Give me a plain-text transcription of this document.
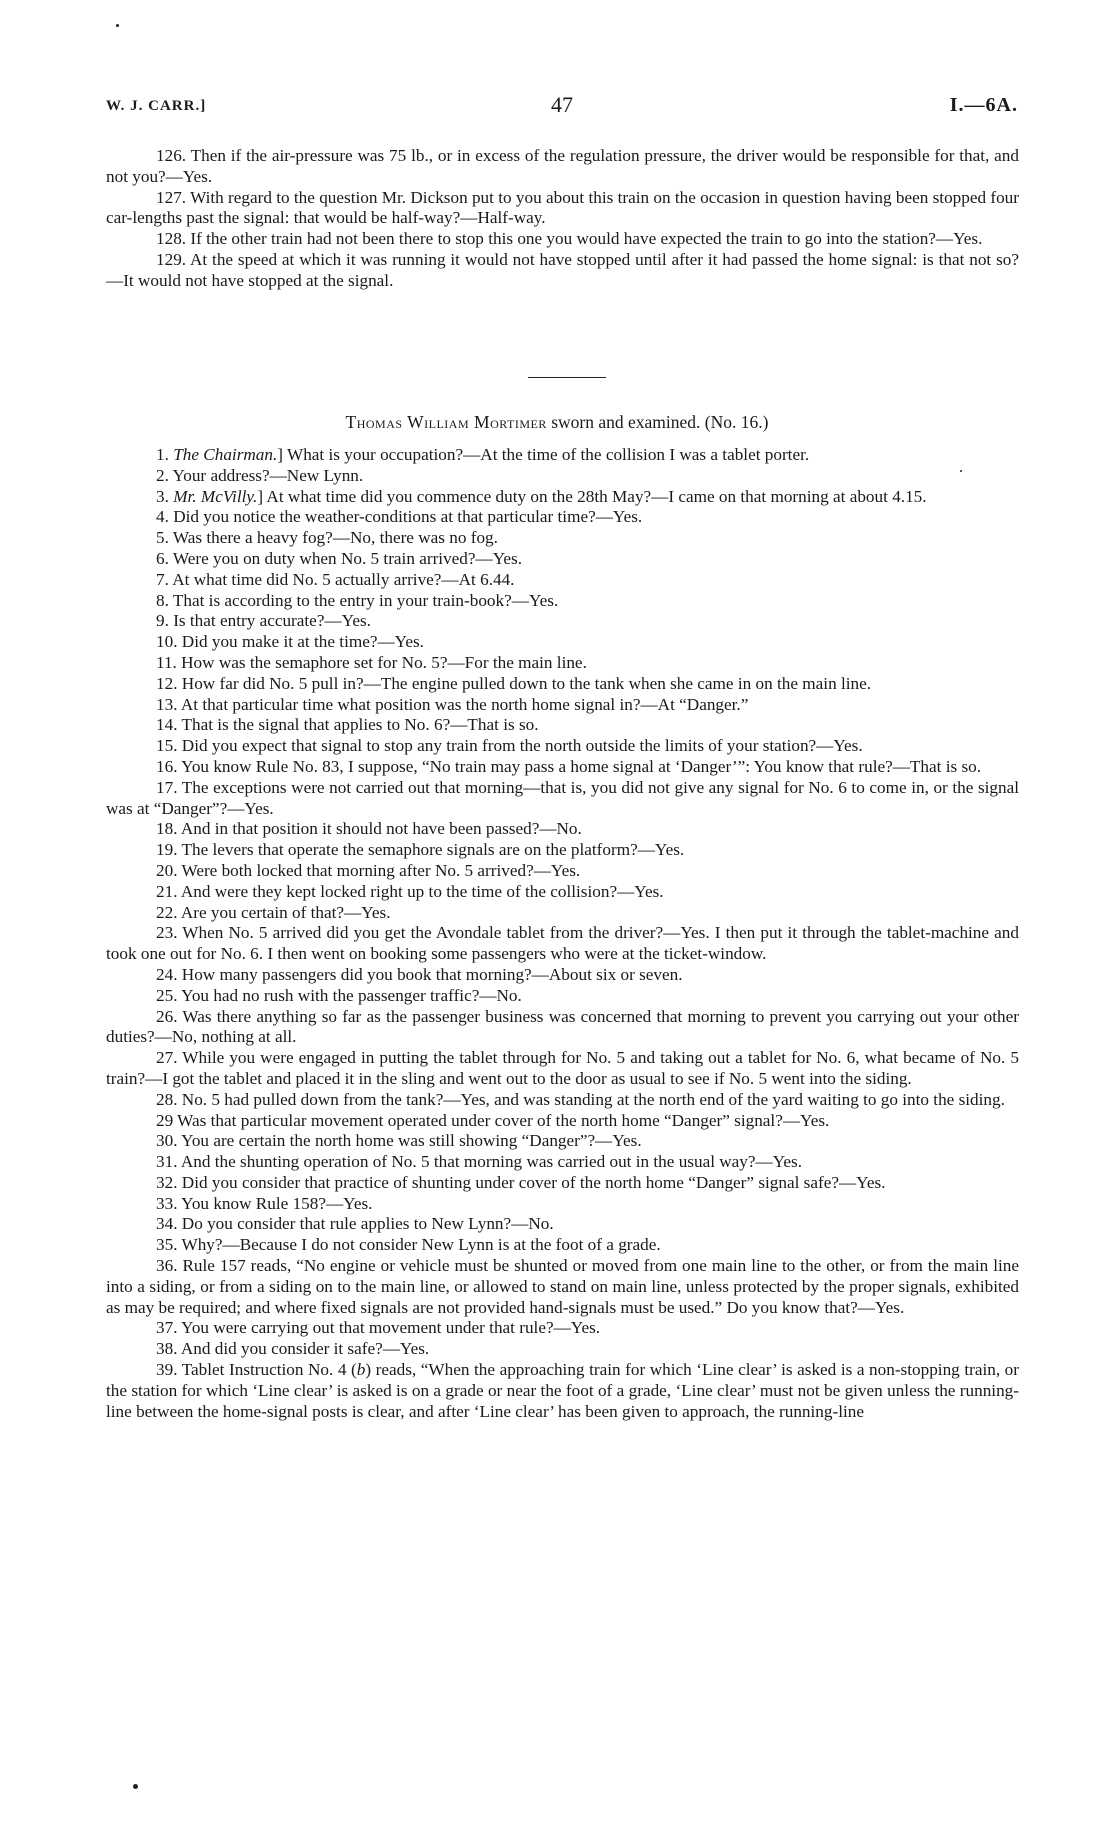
W. J. CARR.]	47	I.—6A.

126. Then if the air-pressure was 75 lb., or in excess of the regulation pressure, the driver would be responsible for that, and not you?—Yes.

127. With regard to the question Mr. Dickson put to you about this train on the occasion in question having been stopped four car-lengths past the signal: that would be half-way?—Half-way.

128. If the other train had not been there to stop this one you would have expected the train to go into the station?—Yes.

129. At the speed at which it was running it would not have stopped until after it had passed the home signal: is that not so?—It would not have stopped at the signal.

Thomas William Mortimer sworn and examined. (No. 16.)

1. The Chairman.] What is your occupation?—At the time of the collision I was a tablet porter.

2. Your address?—New Lynn.

3. Mr. McVilly.] At what time did you commence duty on the 28th May?—I came on that morning at about 4.15.

4. Did you notice the weather-conditions at that particular time?—Yes.

5. Was there a heavy fog?—No, there was no fog.

6. Were you on duty when No. 5 train arrived?—Yes.

7. At what time did No. 5 actually arrive?—At 6.44.

8. That is according to the entry in your train-book?—Yes.

9. Is that entry accurate?—Yes.

10. Did you make it at the time?—Yes.

11. How was the semaphore set for No. 5?—For the main line.

12. How far did No. 5 pull in?—The engine pulled down to the tank when she came in on the main line.

13. At that particular time what position was the north home signal in?—At “Danger.”

14. That is the signal that applies to No. 6?—That is so.

15. Did you expect that signal to stop any train from the north outside the limits of your station?—Yes.

16. You know Rule No. 83, I suppose, “No train may pass a home signal at ‘Danger’”: You know that rule?—That is so.

17. The exceptions were not carried out that morning—that is, you did not give any signal for No. 6 to come in, or the signal was at “Danger”?—Yes.

18. And in that position it should not have been passed?—No.

19. The levers that operate the semaphore signals are on the platform?—Yes.

20. Were both locked that morning after No. 5 arrived?—Yes.

21. And were they kept locked right up to the time of the collision?—Yes.

22. Are you certain of that?—Yes.

23. When No. 5 arrived did you get the Avondale tablet from the driver?—Yes. I then put it through the tablet-machine and took one out for No. 6. I then went on booking some passengers who were at the ticket-window.

24. How many passengers did you book that morning?—About six or seven.

25. You had no rush with the passenger traffic?—No.

26. Was there anything so far as the passenger business was concerned that morning to prevent you carrying out your other duties?—No, nothing at all.

27. While you were engaged in putting the tablet through for No. 5 and taking out a tablet for No. 6, what became of No. 5 train?—I got the tablet and placed it in the sling and went out to the door as usual to see if No. 5 went into the siding.

28. No. 5 had pulled down from the tank?—Yes, and was standing at the north end of the yard waiting to go into the siding.

29 Was that particular movement operated under cover of the north home “Danger” signal?—Yes.

30. You are certain the north home was still showing “Danger”?—Yes.

31. And the shunting operation of No. 5 that morning was carried out in the usual way?—Yes.

32. Did you consider that practice of shunting under cover of the north home “Danger” signal safe?—Yes.

33. You know Rule 158?—Yes.

34. Do you consider that rule applies to New Lynn?—No.

35. Why?—Because I do not consider New Lynn is at the foot of a grade.

36. Rule 157 reads, “No engine or vehicle must be shunted or moved from one main line to the other, or from the main line into a siding, or from a siding on to the main line, or allowed to stand on main line, unless protected by the proper signals, exhibited as may be required; and where fixed signals are not provided hand-signals must be used.” Do you know that?—Yes.

37. You were carrying out that movement under that rule?—Yes.

38. And did you consider it safe?—Yes.

39. Tablet Instruction No. 4 (b) reads, “When the approaching train for which ‘Line clear’ is asked is a non-stopping train, or the station for which ‘Line clear’ is asked is on a grade or near the foot of a grade, ‘Line clear’ must not be given unless the running-line between the home-signal posts is clear, and after ‘Line clear’ has been given to approach, the running-line
